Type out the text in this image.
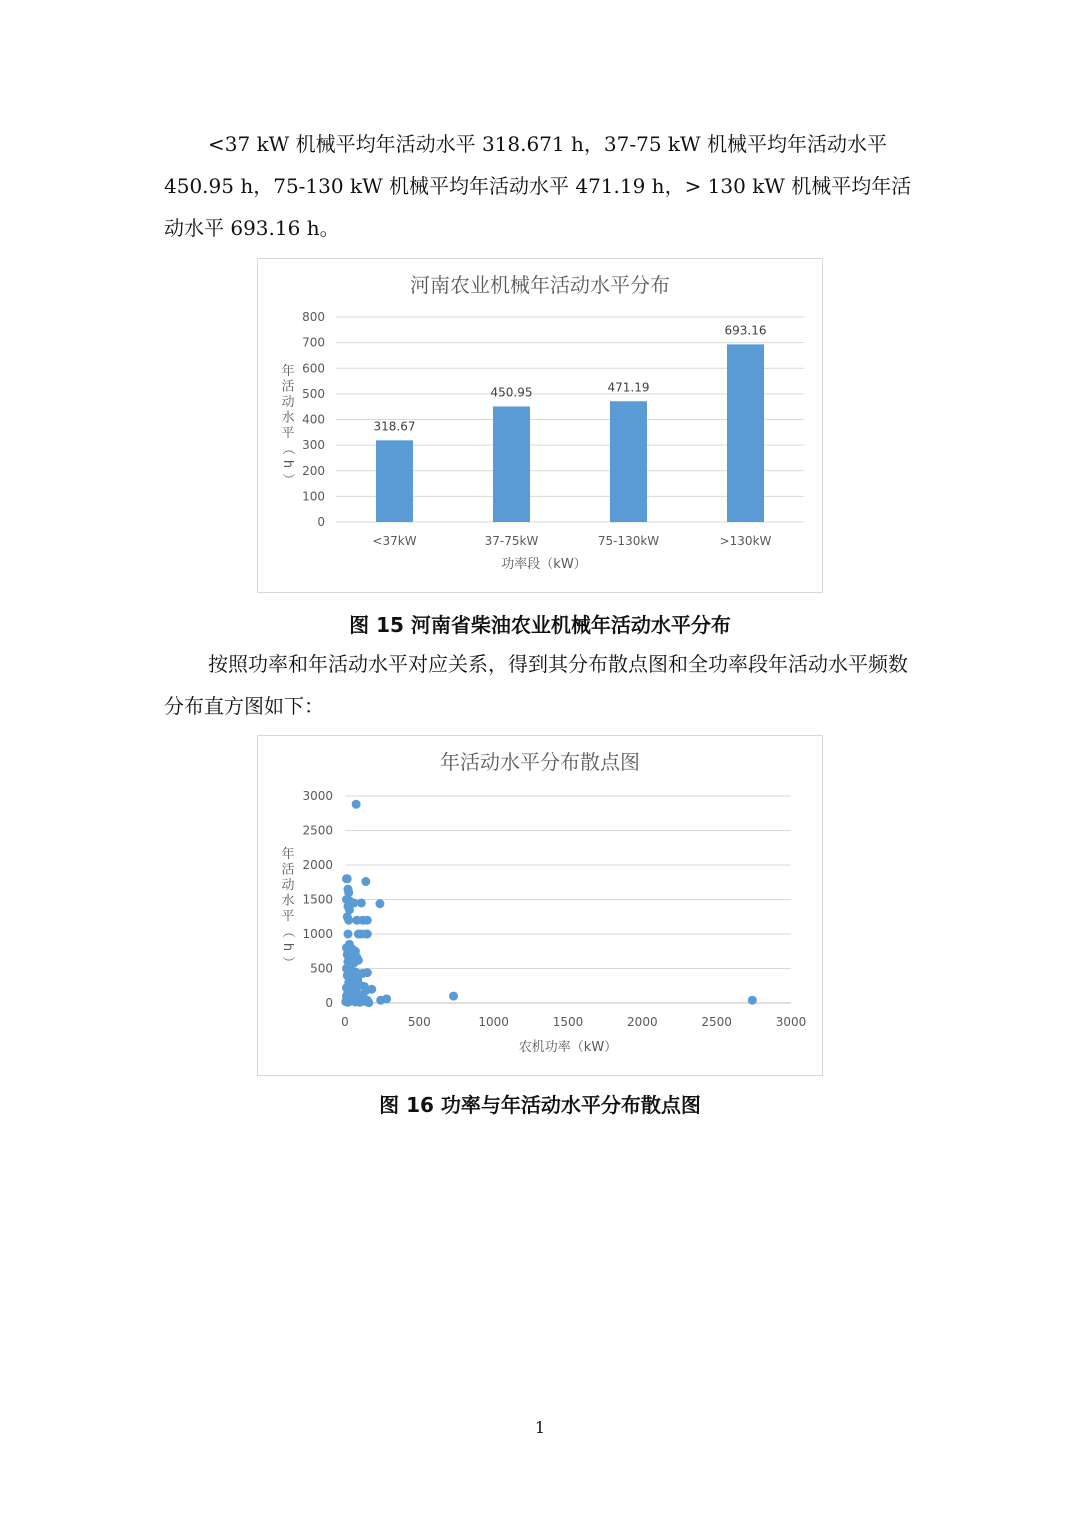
<37 kW 机械平均年活动水平 318.671 h，37-75 kW 机械平均年活动水平 450.95 h，75-130 kW 机械平均年活动水平 471.19 h，> 130 kW 机械平均年活动水平 693.16 h。

河南农业机械年活动水平分布
年
活
动
水
平
（
h
）
0
100
200
300
400
500
600
700
800
318.67
450.95	471.19
693.16
<37kW	37-75kW	75-130kW	>130kW
功率段（kW）
图 15 河南省柴油农业机械年活动水平分布

按照功率和年活动水平对应关系，得到其分布散点图和全功率段年活动水平频数分布直方图如下：

年活动水平分布散点图
年
活
动
水
平
（
h
）
0
500
1000
1500
2000
2500
3000
0	500	1000	1500	2000	2500	3000
农机功率（kW）
图 16 功率与年活动水平分布散点图
1
